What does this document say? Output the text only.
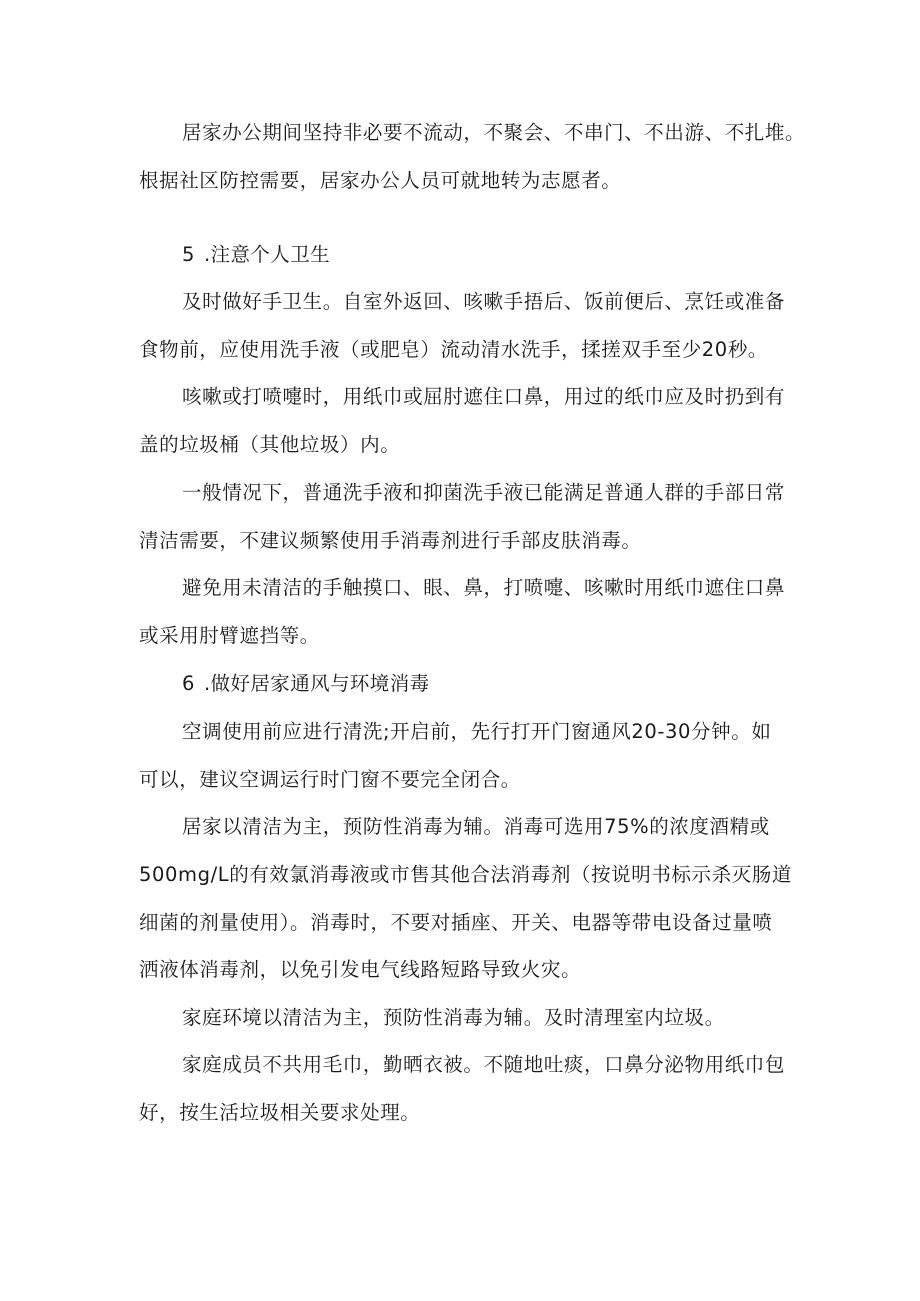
居家办公期间坚持非必要不流动，不聚会、不串门、不出游、不扎堆。
根据社区防控需要，居家办公人员可就地转为志愿者。
5 .注意个人卫生
及时做好手卫生。自室外返回、咳嗽手捂后、饭前便后、烹饪或准备
食物前，应使用洗手液（或肥皂）流动清水洗手，揉搓双手至少20秒。
咳嗽或打喷嚏时，用纸巾或屈肘遮住口鼻，用过的纸巾应及时扔到有
盖的垃圾桶（其他垃圾）内。
一般情况下，普通洗手液和抑菌洗手液已能满足普通人群的手部日常
清洁需要，不建议频繁使用手消毒剂进行手部皮肤消毒。
避免用未清洁的手触摸口、眼、鼻，打喷嚏、咳嗽时用纸巾遮住口鼻
或采用肘臂遮挡等。
6 .做好居家通风与环境消毒
空调使用前应进行清洗;开启前，先行打开门窗通风20-30分钟。如
可以，建议空调运行时门窗不要完全闭合。
居家以清洁为主，预防性消毒为辅。消毒可选用75%的浓度酒精或
500mg/L的有效氯消毒液或市售其他合法消毒剂（按说明书标示杀灭肠道
细菌的剂量使用）。消毒时，不要对插座、开关、电器等带电设备过量喷
洒液体消毒剂，以免引发电气线路短路导致火灾。
家庭环境以清洁为主，预防性消毒为辅。及时清理室内垃圾。
家庭成员不共用毛巾，勤晒衣被。不随地吐痰，口鼻分泌物用纸巾包
好，按生活垃圾相关要求处理。
